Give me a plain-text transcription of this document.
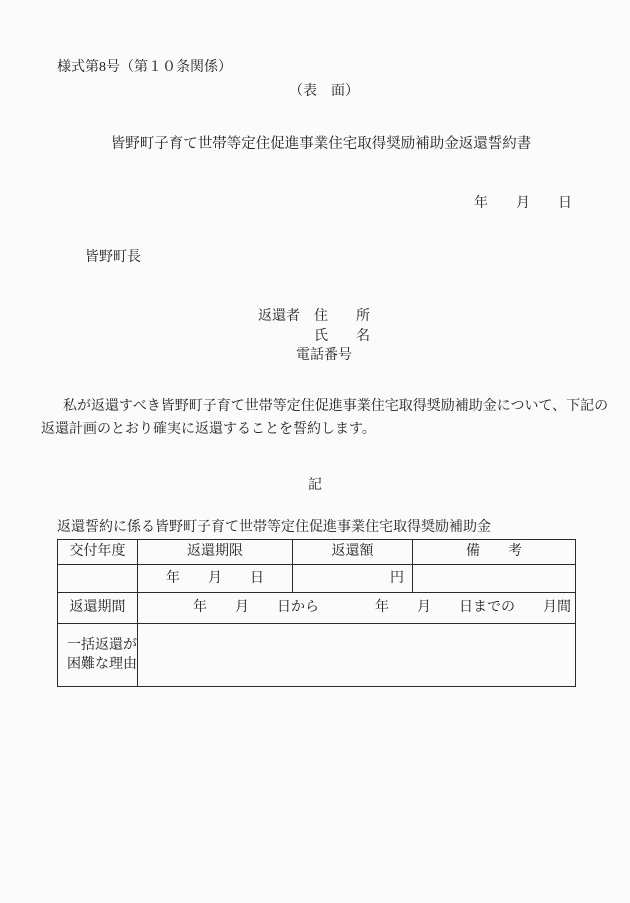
様式第8号（第１０条関係）
（表　面）
皆野町子育て世帯等定住促進事業住宅取得奨励補助金返還誓約書
年　　月　　日
皆野町長
返還者　住　　所
氏　　名
電話番号
私が返還すべき皆野町子育て世帯等定住促進事業住宅取得奨励補助金について、下記の
返還計画のとおり確実に返還することを誓約します。
記
返還誓約に係る皆野町子育て世帯等定住促進事業住宅取得奨励補助金
交付年度	返還期限	返還額	備　　考
	年　　月　　日	円	
返還期間	年　　月　　日から　　　　年　　月　　日までの　　月間		

一括返還が困難な理由			
